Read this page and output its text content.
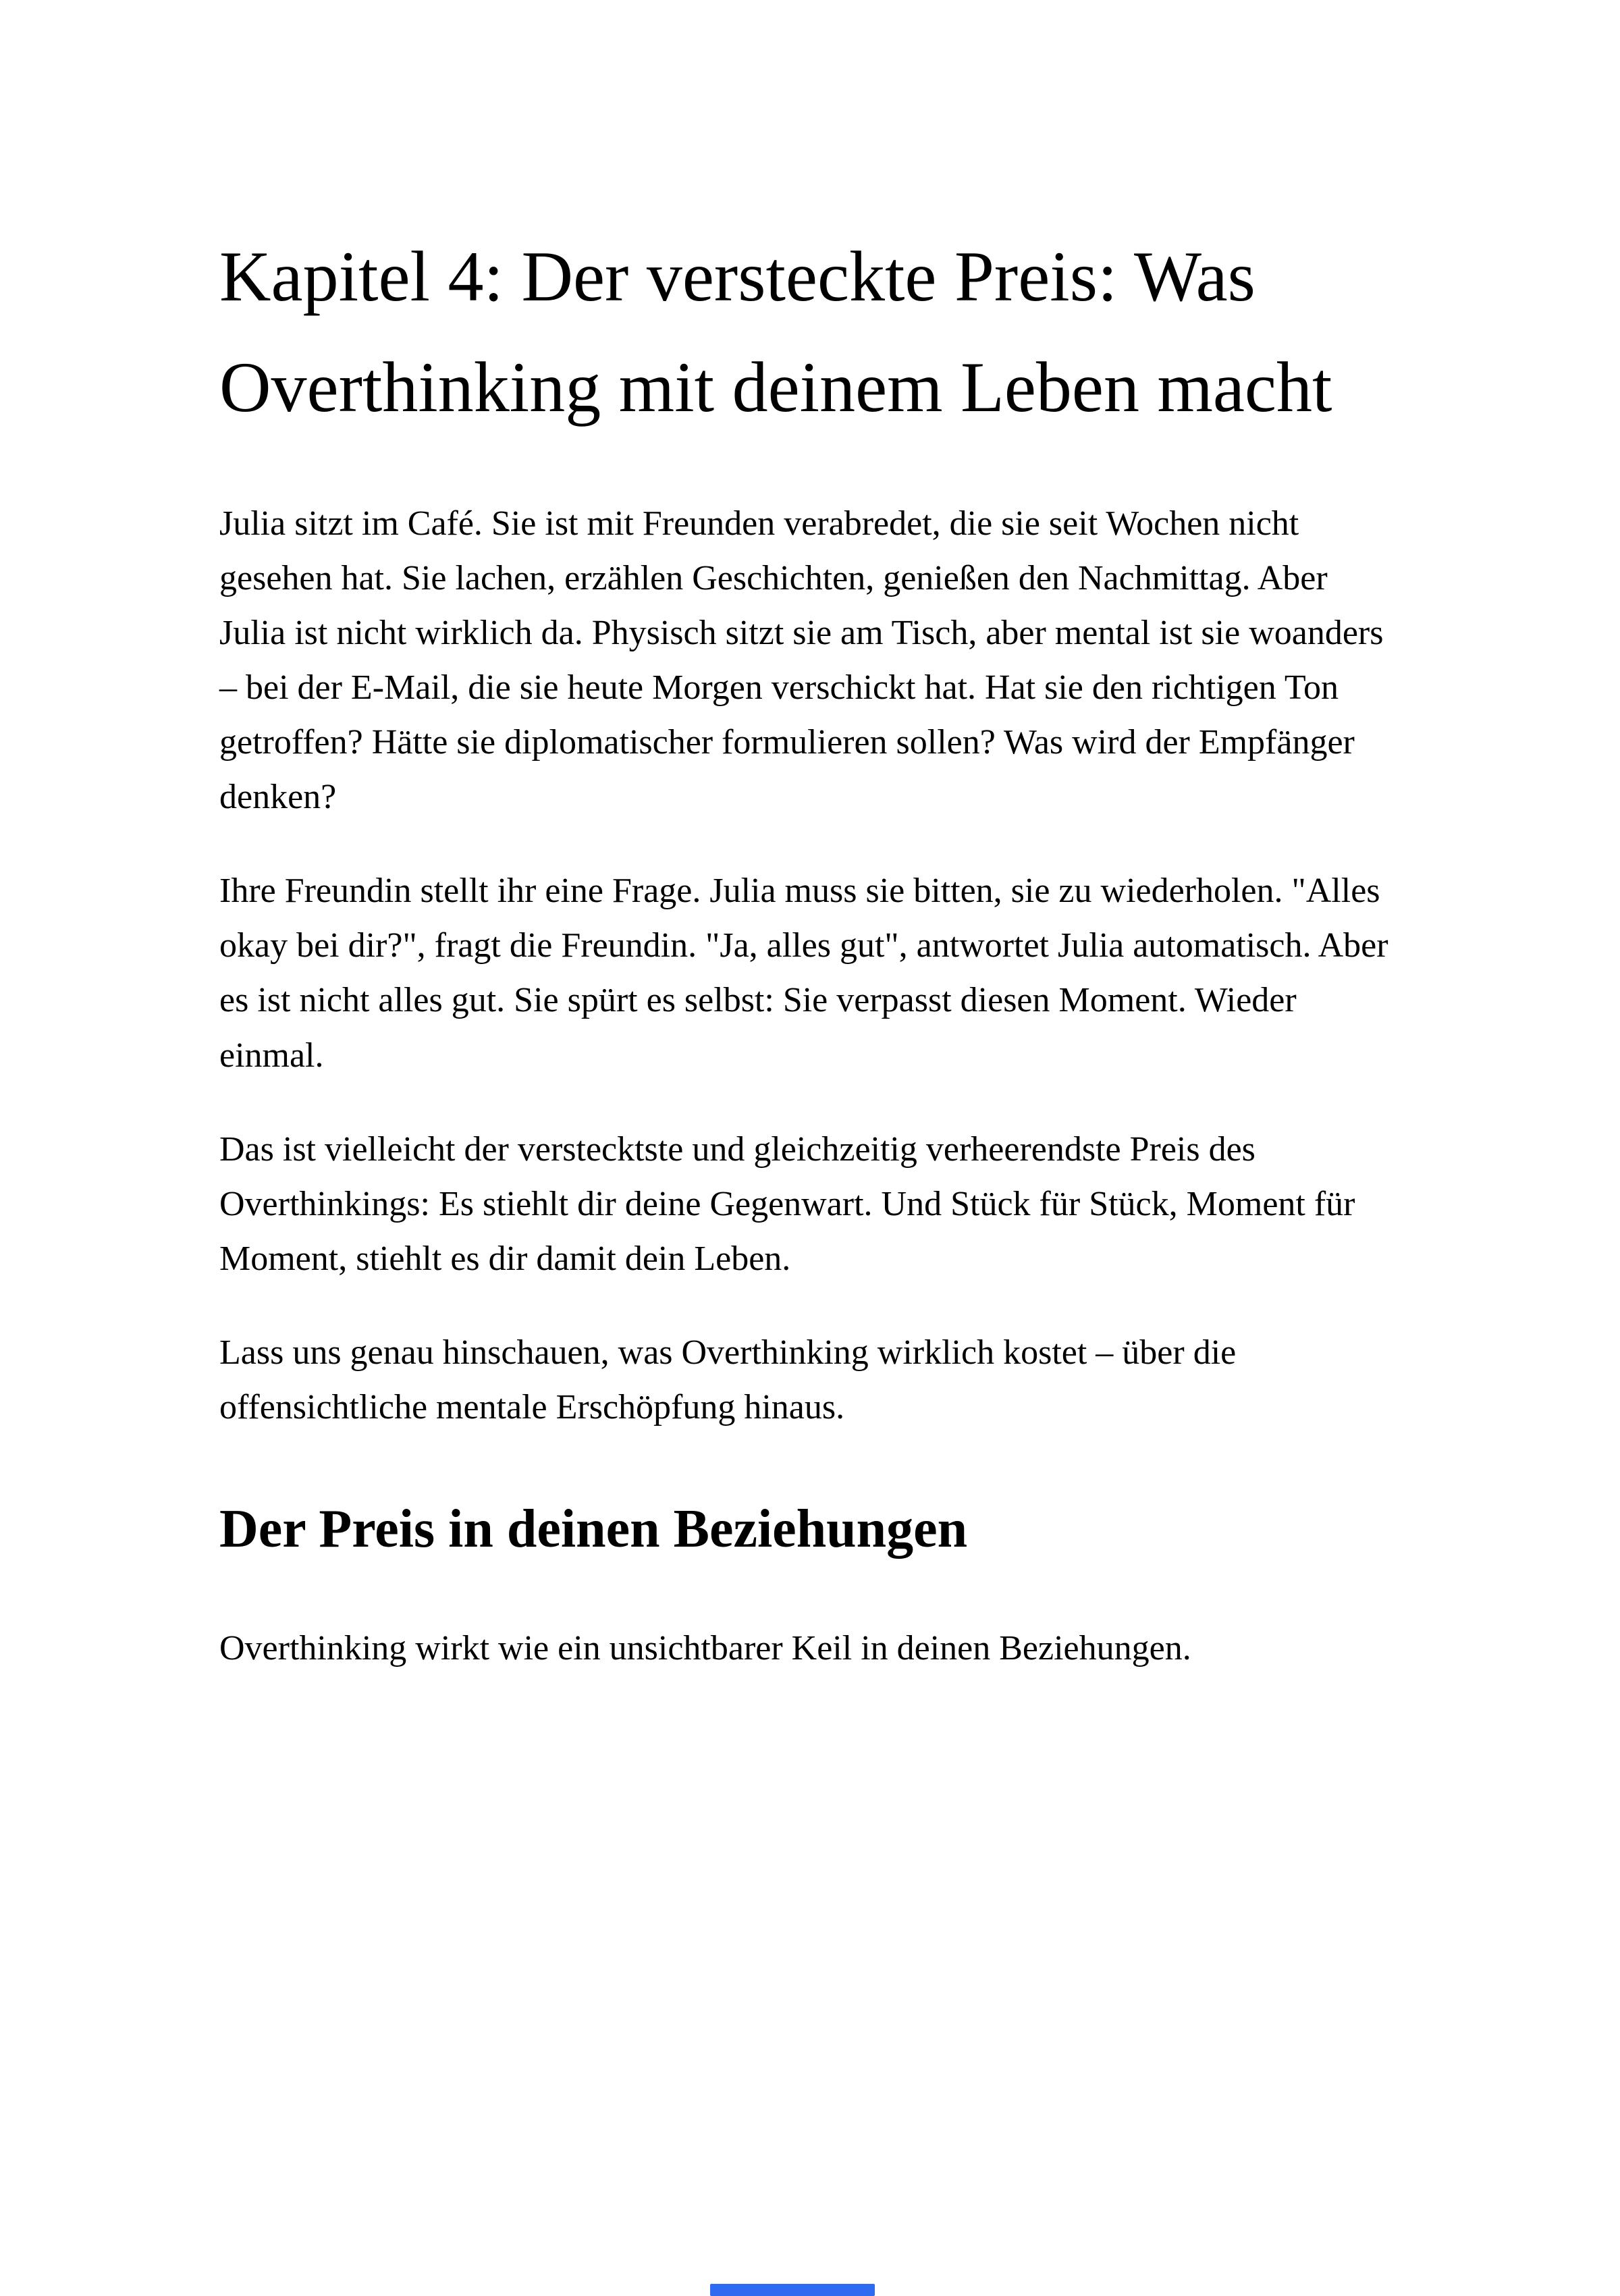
Kapitel 4: Der versteckte Preis: Was Overthinking mit deinem Leben macht

Julia sitzt im Café. Sie ist mit Freunden verabredet, die sie seit Wochen nicht gesehen hat. Sie lachen, erzählen Geschichten, genießen den Nachmittag. Aber Julia ist nicht wirklich da. Physisch sitzt sie am Tisch, aber mental ist sie woanders – bei der E-Mail, die sie heute Morgen verschickt hat. Hat sie den richtigen Ton getroffen? Hätte sie diplomatischer formulieren sollen? Was wird der Empfänger denken?

Ihre Freundin stellt ihr eine Frage. Julia muss sie bitten, sie zu wiederholen. "Alles okay bei dir?", fragt die Freundin. "Ja, alles gut", antwortet Julia automatisch. Aber es ist nicht alles gut. Sie spürt es selbst: Sie verpasst diesen Moment. Wieder einmal.

Das ist vielleicht der verstecktste und gleichzeitig verheerendste Preis des Overthinkings: Es stiehlt dir deine Gegenwart. Und Stück für Stück, Moment für Moment, stiehlt es dir damit dein Leben.

Lass uns genau hinschauen, was Overthinking wirklich kostet – über die offensichtliche mentale Erschöpfung hinaus.

Der Preis in deinen Beziehungen

Overthinking wirkt wie ein unsichtbarer Keil in deinen Beziehungen.
